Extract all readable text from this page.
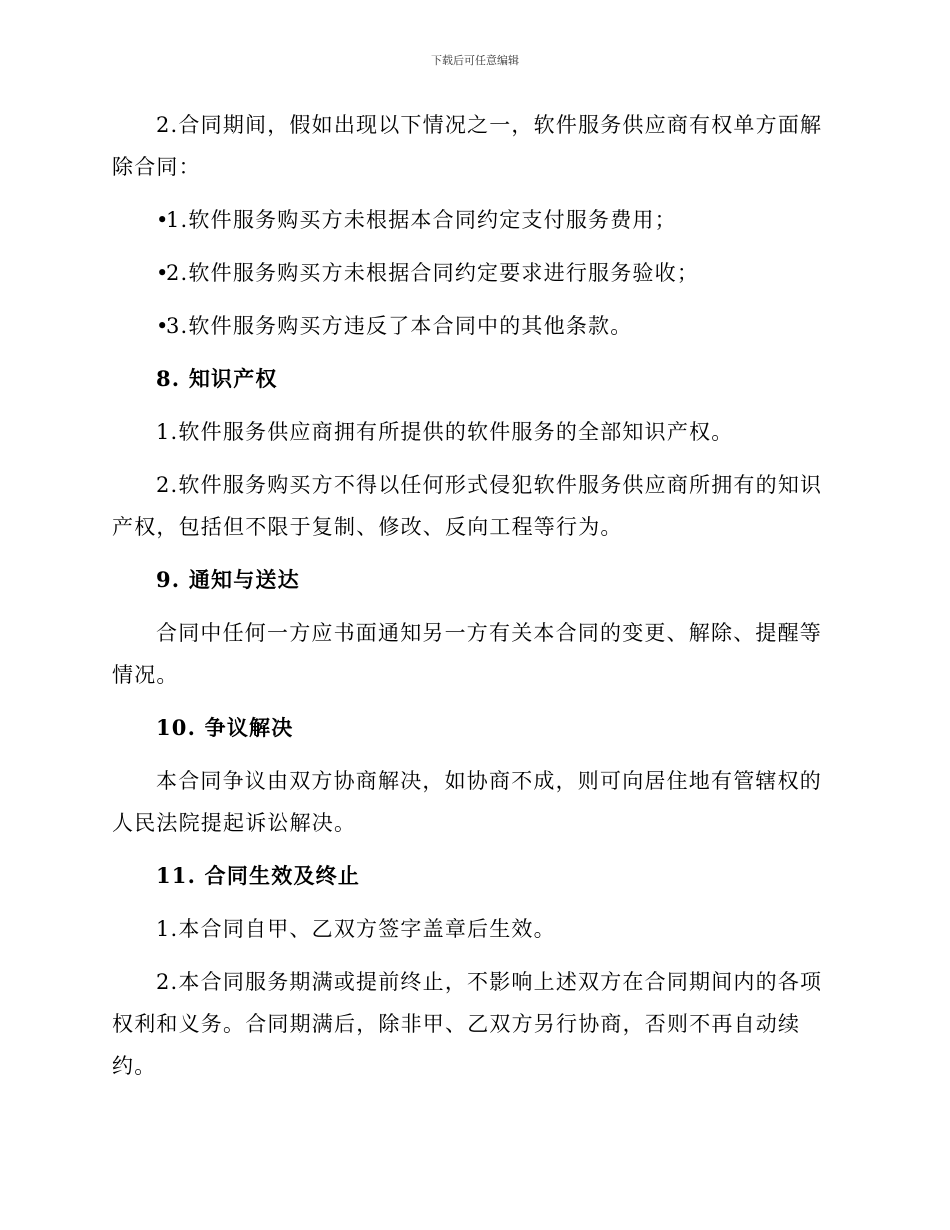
下载后可任意编辑

2.合同期间，假如出现以下情况之一，软件服务供应商有权单方面解除合同：

•1.软件服务购买方未根据本合同约定支付服务费用；

•2.软件服务购买方未根据合同约定要求进行服务验收；

•3.软件服务购买方违反了本合同中的其他条款。

8. 知识产权

1.软件服务供应商拥有所提供的软件服务的全部知识产权。

2.软件服务购买方不得以任何形式侵犯软件服务供应商所拥有的知识产权，包括但不限于复制、修改、反向工程等行为。

9. 通知与送达

合同中任何一方应书面通知另一方有关本合同的变更、解除、提醒等情况。

10. 争议解决

本合同争议由双方协商解决，如协商不成，则可向居住地有管辖权的人民法院提起诉讼解决。

11. 合同生效及终止

1.本合同自甲、乙双方签字盖章后生效。

2.本合同服务期满或提前终止，不影响上述双方在合同期间内的各项权利和义务。合同期满后，除非甲、乙双方另行协商，否则不再自动续约。
